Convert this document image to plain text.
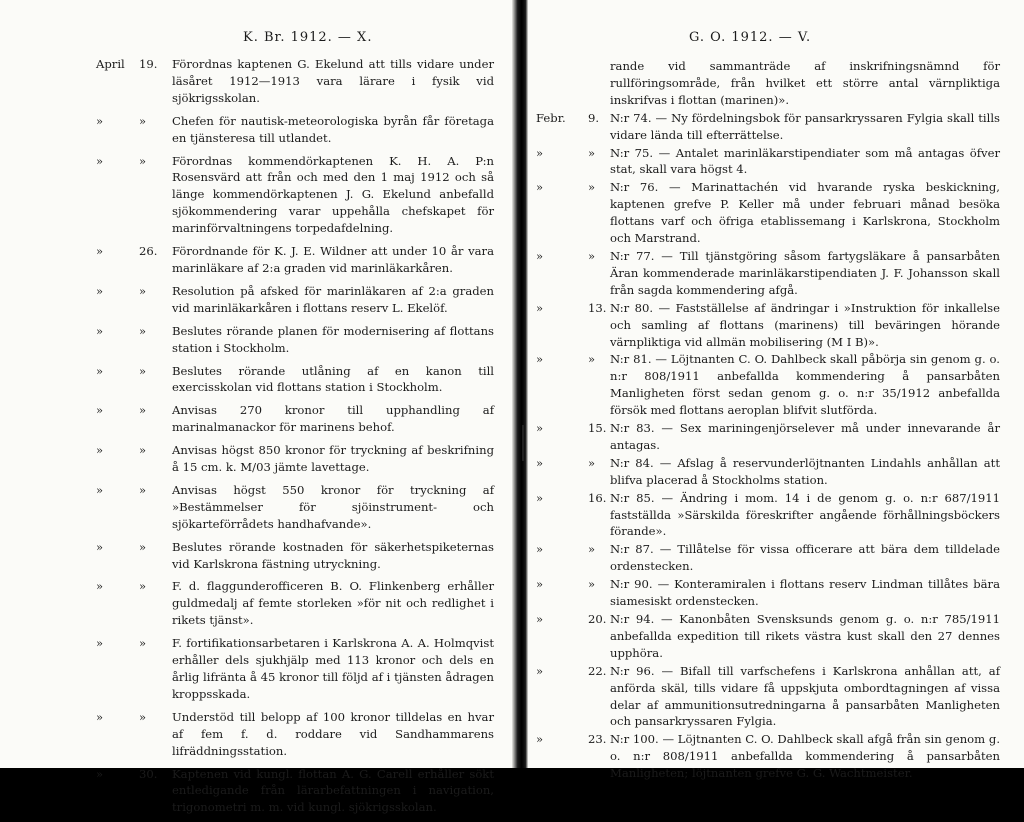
K. Br. 1912. — X.
April 19. Förordnas kaptenen G. Ekelund att tills vidare under läsåret 1912—1913 vara lärare i fysik vid sjökrigsskolan.
»	» Chefen för nautisk-meteorologiska byrån får företaga en tjänsteresa till utlandet.
»	» Förordnas kommendörkaptenen K. H. A. P:n Rosensvärd att från och med den 1 maj 1912 och så länge kommendörkaptenen J. G. Ekelund anbefalld sjökommendering varar uppehålla chefskapet för marinförvaltningens torpedafdelning.
»	26. Förordnande för K. J. E. Wildner att under 10 år vara marinläkare af 2:a graden vid marinläkarkåren.
»	» Resolution på afsked för marinläkaren af 2:a graden vid marinläkarkåren i flottans reserv L. Ekelöf.
»	» Beslutes rörande planen för modernisering af flottans station i Stockholm.
»	» Beslutes rörande utlåning af en kanon till exercisskolan vid flottans station i Stockholm.
»	» Anvisas 270 kronor till upphandling af marinalmanackor för marinens behof.
»	» Anvisas högst 850 kronor för tryckning af beskrifning å 15 cm. k. M/03 jämte lavettage.
»	» Anvisas högst 550 kronor för tryckning af »Bestämmelser för sjöinstrument- och sjökarteförrådets handhafvande».
»	» Beslutes rörande kostnaden för säkerhetspiketernas vid Karlskrona fästning utryckning.
»	» F. d. flaggunderofficeren B. O. Flinkenberg erhåller guldmedalj af femte storleken »för nit och redlighet i rikets tjänst».
»	» F. fortifikationsarbetaren i Karlskrona A. A. Holmqvist erhåller dels sjukhjälp med 113 kronor och dels en årlig lifränta å 45 kronor till följd af i tjänsten ådragen kroppsskada.
»	» Understöd till belopp af 100 kronor tilldelas en hvar af fem f. d. roddare vid Sandhammarens lifräddningsstation.
»	30. Kaptenen vid kungl. flottan A. G. Carell erhåller sökt entledigande från lärarbefattningen i navigation, trigonometri m. m. vid kungl. sjökrigsskolan.
G. O. 1912. — V.
rande vid sammanträde af inskrifningsnämnd för rullföringsområde, från hvilket ett större antal värnpliktiga inskrifvas i flottan (marinen)».
Febr. 9. N:r 74. — Ny fördelningsbok för pansarkryssaren Fylgia skall tills vidare lända till efterrättelse.
»	» N:r 75. — Antalet marinläkarstipendiater som må antagas öfver stat, skall vara högst 4.
»	» N:r 76. — Marinattachén vid hvarande ryska beskickning, kaptenen grefve P. Keller må under februari månad besöka flottans varf och öfriga etablissemang i Karlskrona, Stockholm och Marstrand.
»	» N:r 77. — Till tjänstgöring såsom fartygsläkare å pansarbåten Äran kommenderade marinläkarstipendiaten J. F. Johansson skall från sagda kommendering afgå.
»	13. N:r 80. — Fastställelse af ändringar i »Instruktion för inkallelse och samling af flottans (marinens) till beväringen hörande värnpliktiga vid allmän mobilisering (M I B)».
»	» N:r 81. — Löjtnanten C. O. Dahlbeck skall påbörja sin genom g. o. n:r 808/1911 anbefallda kommendering å pansarbåten Manligheten först sedan genom g. o. n:r 35/1912 anbefallda försök med flottans aeroplan blifvit slutförda.
»	15. N:r 83. — Sex mariningenjörselever må under innevarande år antagas.
»	» N:r 84. — Afslag å reservunderlöjtnanten Lindahls anhållan att blifva placerad å Stockholms station.
»	16. N:r 85. — Ändring i mom. 14 i de genom g. o. n:r 687/1911 fastställda »Särskilda föreskrifter angående förhållningsböckers förande».
»	» N:r 87. — Tillåtelse för vissa officerare att bära dem tilldelade ordenstecken.
»	» N:r 90. — Konteramiralen i flottans reserv Lindman tillåtes bära siamesiskt ordenstecken.
»	20. N:r 94. — Kanonbåten Svensksunds genom g. o. n:r 785/1911 anbefallda expedition till rikets västra kust skall den 27 dennes upphöra.
»	22. N:r 96. — Bifall till varfschefens i Karlskrona anhållan att, af anförda skäl, tills vidare få uppskjuta ombordtagningen af vissa delar af ammunitionsutredningarna å pansarbåten Manligheten och pansarkryssaren Fylgia.
»	23. N:r 100. — Löjtnanten C. O. Dahlbeck skall afgå från sin genom g. o. n:r 808/1911 anbefallda kommendering å pansarbåten Manligheten; löjtnanten grefve G. G. Wachtmeister.
